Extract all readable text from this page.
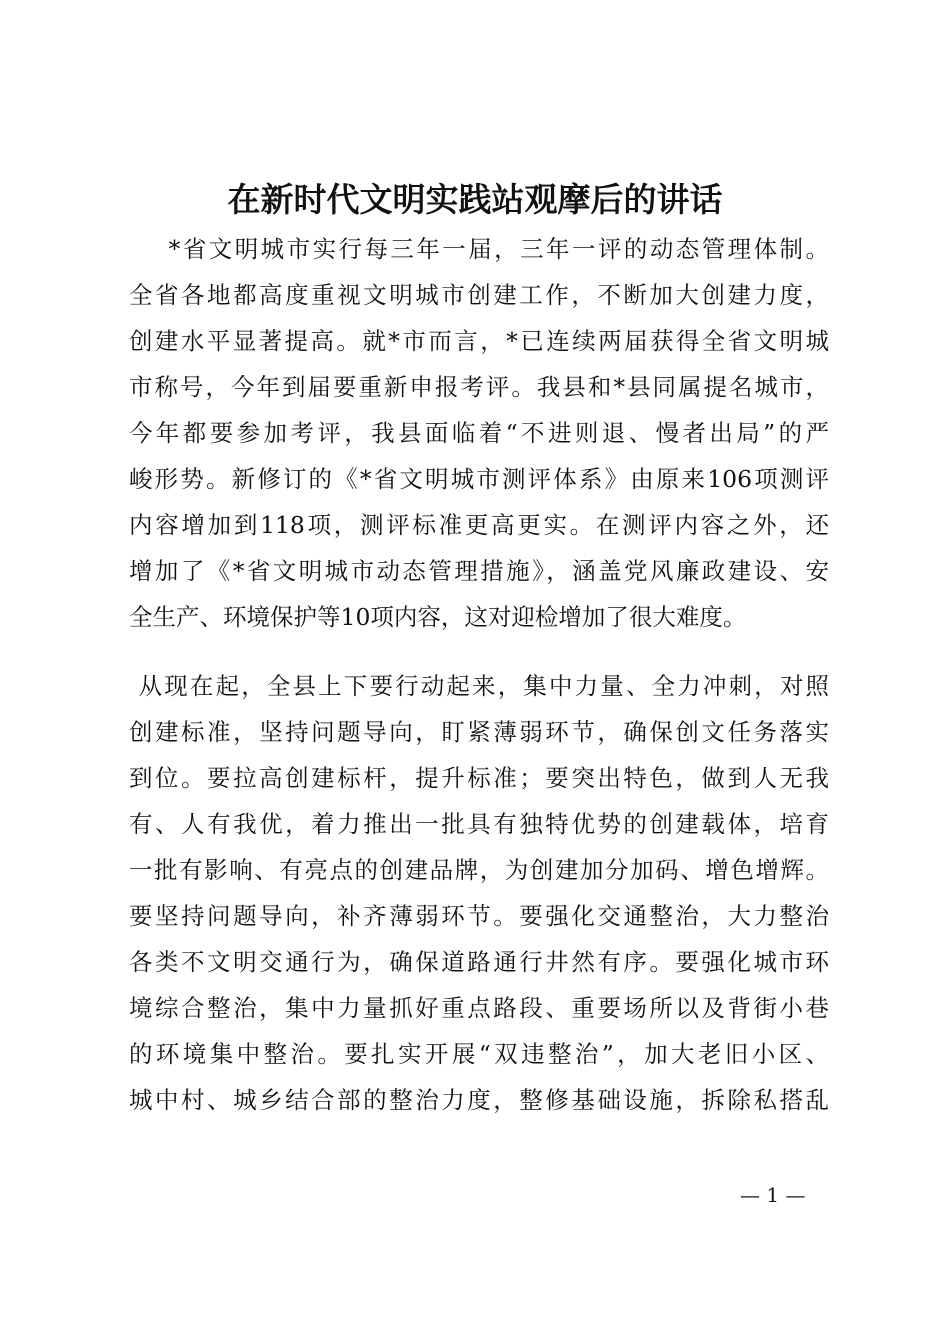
在新时代文明实践站观摩后的讲话
*省文明城市实行每三年一届，三年一评的动态管理体制。
全省各地都高度重视文明城市创建工作，不断加大创建力度，
创建水平显著提高。就*市而言，*已连续两届获得全省文明城
市称号，今年到届要重新申报考评。我县和*县同属提名城市，
今年都要参加考评，我县面临着“不进则退、慢者出局”的严
峻形势。新修订的《*省文明城市测评体系》由原来106项测评
内容增加到118项，测评标准更高更实。在测评内容之外，还
增加了《*省文明城市动态管理措施》，涵盖党风廉政建设、安
全生产、环境保护等10项内容，这对迎检增加了很大难度。
从现在起，全县上下要行动起来，集中力量、全力冲刺，对照
创建标准，坚持问题导向，盯紧薄弱环节，确保创文任务落实
到位。要拉高创建标杆，提升标准；要突出特色，做到人无我
有、人有我优，着力推出一批具有独特优势的创建载体，培育
一批有影响、有亮点的创建品牌，为创建加分加码、增色增辉。
要坚持问题导向，补齐薄弱环节。要强化交通整治，大力整治
各类不文明交通行为，确保道路通行井然有序。要强化城市环
境综合整治，集中力量抓好重点路段、重要场所以及背街小巷
的环境集中整治。要扎实开展“双违整治”，加大老旧小区、
城中村、城乡结合部的整治力度，整修基础设施，拆除私搭乱
— 1 —
